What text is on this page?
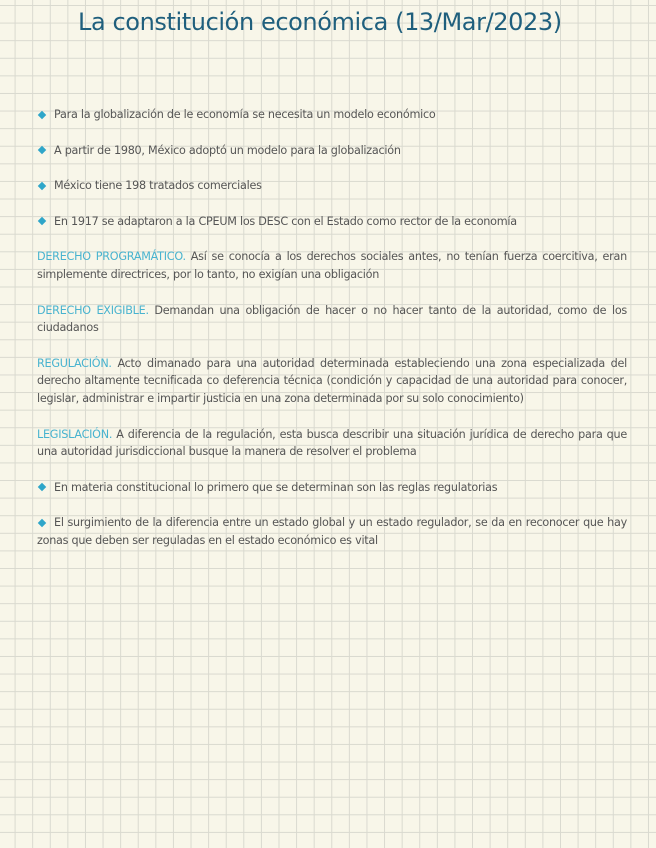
La constitución económica (13/Mar/2023)
Para la globalización de le economía se necesita un modelo económico
A partir de 1980, México adoptó un modelo para la globalización
México tiene 198 tratados comerciales
En 1917 se adaptaron a la CPEUM los DESC con el Estado como rector de la economía
DERECHO PROGRAMÁTICO. Así se conocía a los derechos sociales antes, no tenían fuerza coercitiva, eran simplemente directrices, por lo tanto, no exigían una obligación
DERECHO EXIGIBLE. Demandan una obligación de hacer o no hacer tanto de la autoridad, como de los ciudadanos
REGULACIÓN. Acto dimanado para una autoridad determinada estableciendo una zona especializada del derecho altamente tecnificada co deferencia técnica (condición y capacidad de una autoridad para conocer, legislar, administrar e impartir justicia en una zona determinada por su solo conocimiento)
LEGISLACIÓN. A diferencia de la regulación, esta busca describir una situación jurídica de derecho para que una autoridad jurisdiccional busque la manera de resolver el problema
En materia constitucional lo primero que se determinan son las reglas regulatorias
El surgimiento de la diferencia entre un estado global y un estado regulador, se da en reconocer que hay zonas que deben ser reguladas en el estado económico es vital
